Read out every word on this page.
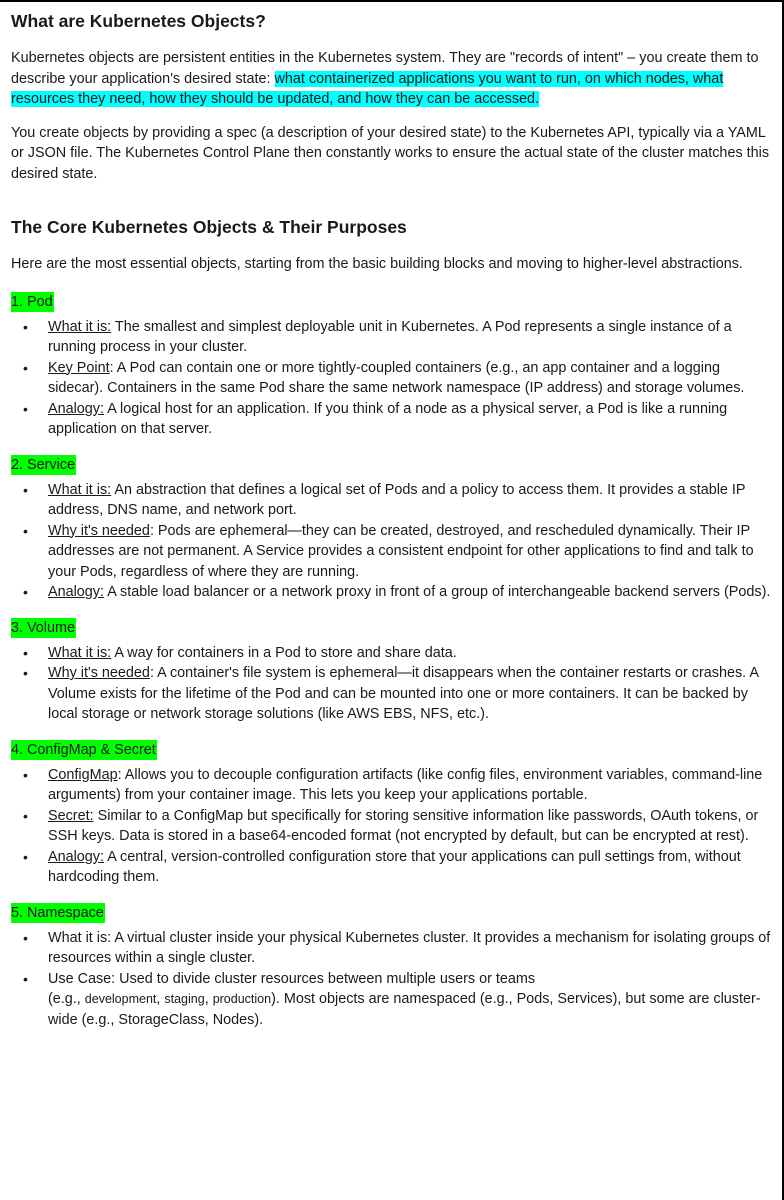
What are Kubernetes Objects?

Kubernetes objects are persistent entities in the Kubernetes system. They are "records of intent" – you create them to describe your application's desired state: what containerized applications you want to run, on which nodes, what resources they need, how they should be updated, and how they can be accessed.

You create objects by providing a spec (a description of your desired state) to the Kubernetes API, typically via a YAML or JSON file. The Kubernetes Control Plane then constantly works to ensure the actual state of the cluster matches this desired state.

The Core Kubernetes Objects & Their Purposes

Here are the most essential objects, starting from the basic building blocks and moving to higher-level abstractions.

1. Pod
• What it is: The smallest and simplest deployable unit in Kubernetes. A Pod represents a single instance of a running process in your cluster.
• Key Point: A Pod can contain one or more tightly-coupled containers (e.g., an app container and a logging sidecar). Containers in the same Pod share the same network namespace (IP address) and storage volumes.
• Analogy: A logical host for an application. If you think of a node as a physical server, a Pod is like a running application on that server.
2. Service
• What it is: An abstraction that defines a logical set of Pods and a policy to access them. It provides a stable IP address, DNS name, and network port.
• Why it's needed: Pods are ephemeral—they can be created, destroyed, and rescheduled dynamically. Their IP addresses are not permanent. A Service provides a consistent endpoint for other applications to find and talk to your Pods, regardless of where they are running.
• Analogy: A stable load balancer or a network proxy in front of a group of interchangeable backend servers (Pods).
3. Volume
• What it is: A way for containers in a Pod to store and share data.
• Why it's needed: A container's file system is ephemeral—it disappears when the container restarts or crashes. A Volume exists for the lifetime of the Pod and can be mounted into one or more containers. It can be backed by local storage or network storage solutions (like AWS EBS, NFS, etc.).
4. ConfigMap & Secret
• ConfigMap: Allows you to decouple configuration artifacts (like config files, environment variables, command-line arguments) from your container image. This lets you keep your applications portable.
• Secret: Similar to a ConfigMap but specifically for storing sensitive information like passwords, OAuth tokens, or SSH keys. Data is stored in a base64-encoded format (not encrypted by default, but can be encrypted at rest).
• Analogy: A central, version-controlled configuration store that your applications can pull settings from, without hardcoding them.
5. Namespace
• What it is: A virtual cluster inside your physical Kubernetes cluster. It provides a mechanism for isolating groups of resources within a single cluster.
• Use Case: Used to divide cluster resources between multiple users or teams
(e.g., development, staging, production). Most objects are namespaced (e.g., Pods, Services), but some are cluster-wide (e.g., StorageClass, Nodes).
